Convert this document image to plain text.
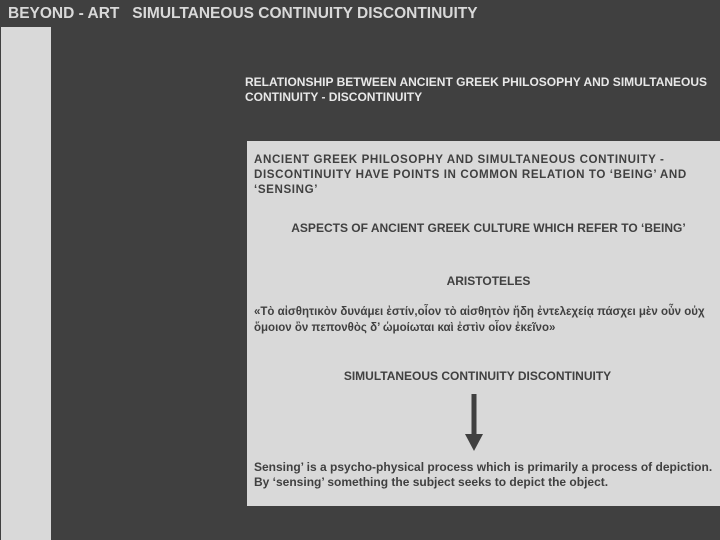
BEYOND - ART   SIMULTANEOUS CONTINUITY DISCONTINUITY
RELATIONSHIP BETWEEN ANCIENT GREEK PHILOSOPHY AND SIMULTANEOUS CONTINUITY - DISCONTINUITY
ANCIENT GREEK PHILOSOPHY AND SIMULTANEOUS CONTINUITY - DISCONTINUITY HAVE POINTS IN COMMON RELATION TO ‘BEING’ AND ‘SENSING’
ASPECTS OF ANCIENT GREEK CULTURE WHICH REFER TO ‘BEING’
ARISTOTELES
«Τὸ αἰσθητικὸν δυνάμει ἐστίν,οἷον τὸ αἰσθητὸν ἤδη ἐντελεχείᾳ πάσχει μὲν οὖν οὐχ ὅμοιον ὂν πεπονθὸς δ’ ὡμοίωται καὶ ἐστὶν οἷον ἐκεῖνο»
SIMULTANEOUS CONTINUITY DISCONTINUITY
Sensing’ is a psycho-physical process which is primarily a process of depiction. By ‘sensing’ something the subject seeks to depict the object.
